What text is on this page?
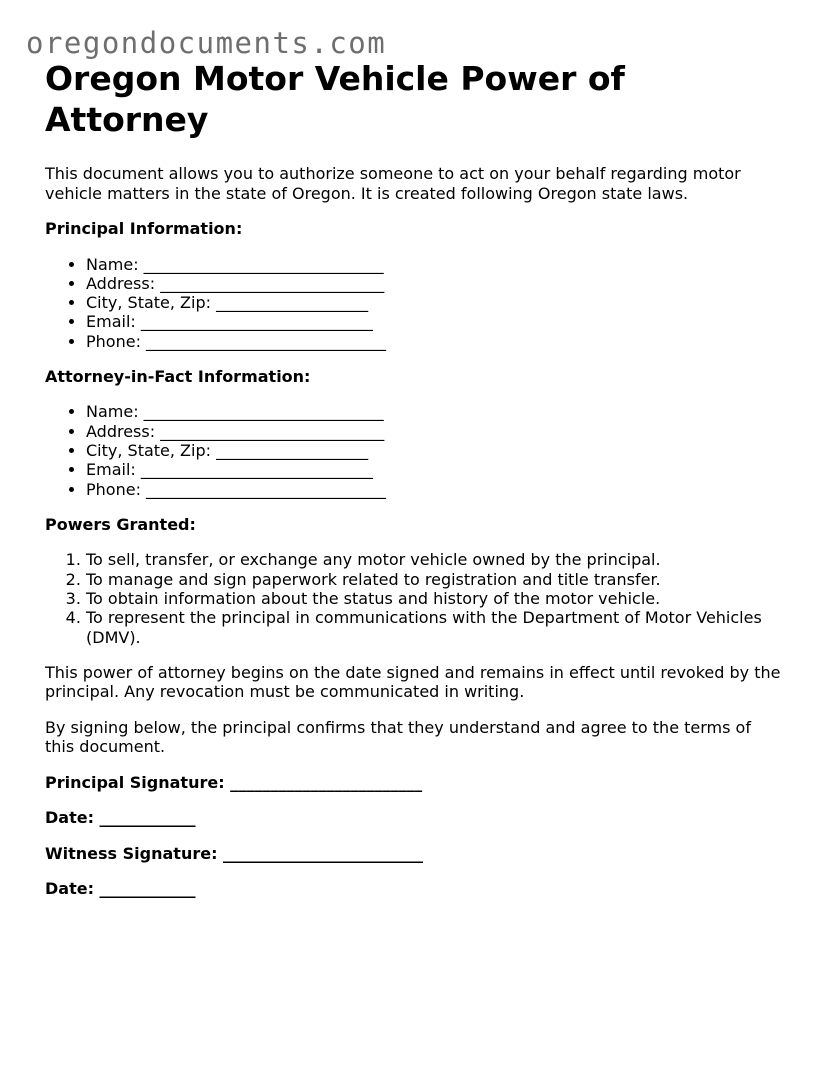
oregondocuments.com
Oregon Motor Vehicle Power of Attorney

This document allows you to authorize someone to act on your behalf regarding motor vehicle matters in the state of Oregon. It is created following Oregon state laws.

Principal Information:
• Name: ______________________________
• Address: ____________________________
• City, State, Zip: ___________________
• Email: _____________________________
• Phone: ______________________________
Attorney-in-Fact Information:
• Name: ______________________________
• Address: ____________________________
• City, State, Zip: ___________________
• Email: _____________________________
• Phone: ______________________________
Powers Granted:
1. To sell, transfer, or exchange any motor vehicle owned by the principal.
2. To manage and sign paperwork related to registration and title transfer.
3. To obtain information about the status and history of the motor vehicle.
4. To represent the principal in communications with the Department of Motor Vehicles (DMV).

This power of attorney begins on the date signed and remains in effect until revoked by the principal. Any revocation must be communicated in writing.

By signing below, the principal confirms that they understand and agree to the terms of this document.

Principal Signature: ________________________
Date: ____________
Witness Signature: _________________________
Date: ____________
